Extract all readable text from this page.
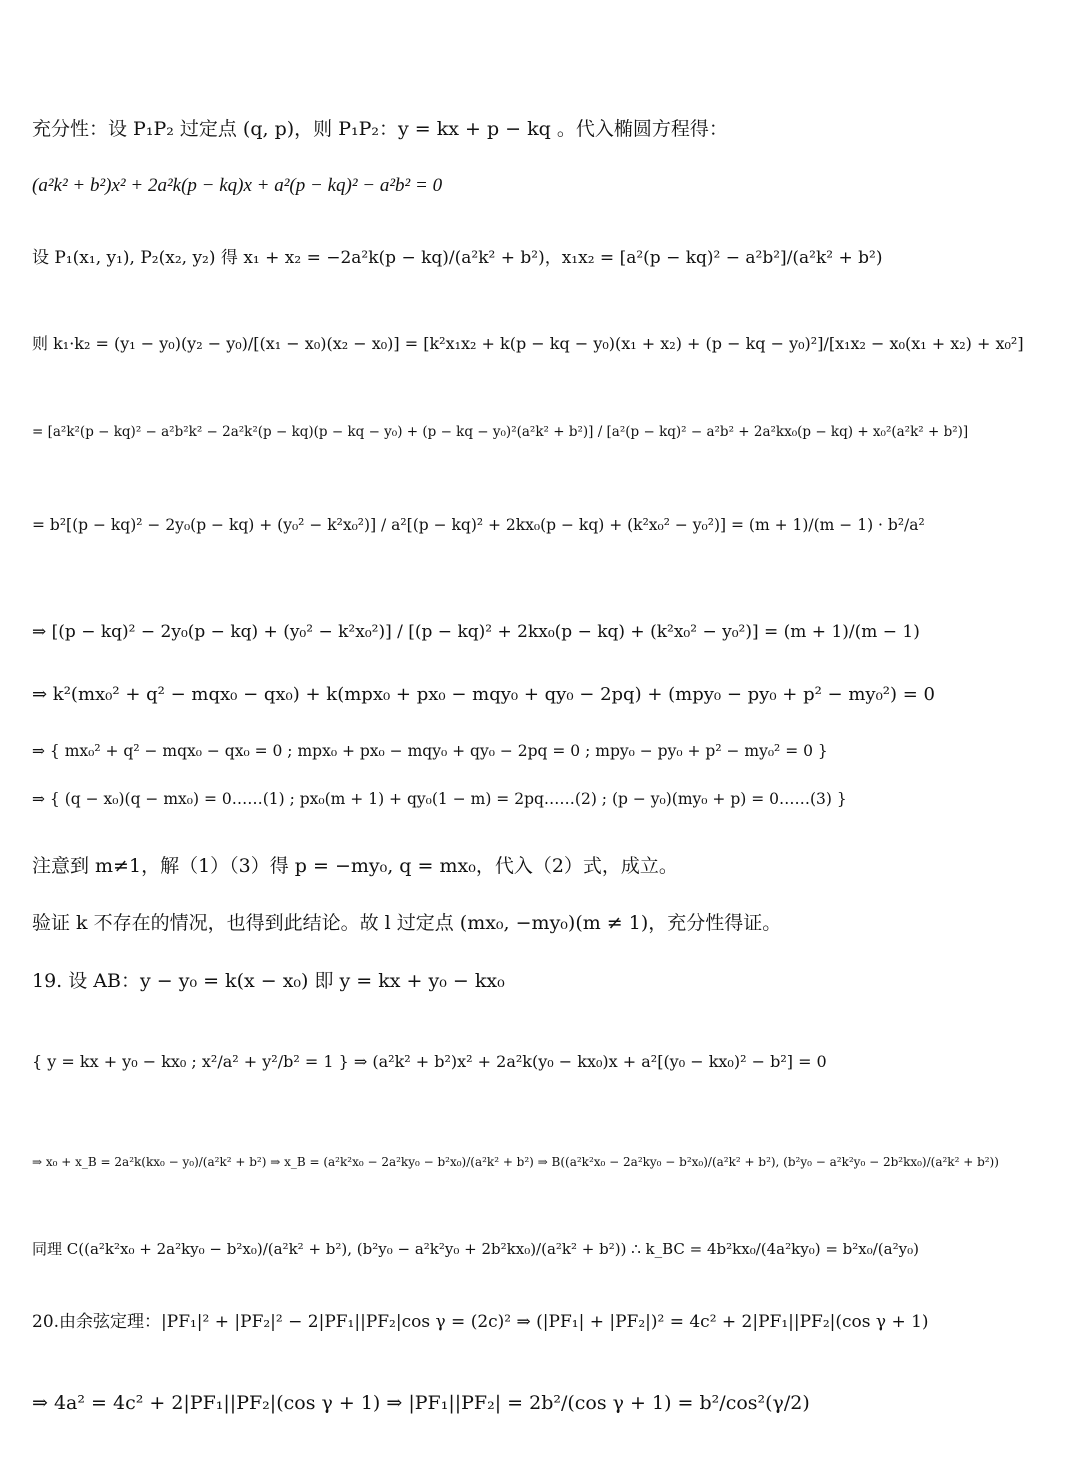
充分性：设 P₁P₂ 过定点 (q, p)，则 P₁P₂：y = kx + p − kq 。代入椭圆方程得：
(a²k² + b²)x² + 2a²k(p − kq)x + a²(p − kq)² − a²b² = 0
设 P₁(x₁, y₁), P₂(x₂, y₂) 得 x₁ + x₂ = −2a²k(p − kq)/(a²k² + b²)，x₁x₂ = [a²(p − kq)² − a²b²]/(a²k² + b²)
则 k₁·k₂ = (y₁ − y₀)(y₂ − y₀)/[(x₁ − x₀)(x₂ − x₀)] = [k²x₁x₂ + k(p − kq − y₀)(x₁ + x₂) + (p − kq − y₀)²]/[x₁x₂ − x₀(x₁ + x₂) + x₀²]
= [a²k²(p − kq)² − a²b²k² − 2a²k²(p − kq)(p − kq − y₀) + (p − kq − y₀)²(a²k² + b²)] / [a²(p − kq)² − a²b² + 2a²kx₀(p − kq) + x₀²(a²k² + b²)]
= b²[(p − kq)² − 2y₀(p − kq) + (y₀² − k²x₀²)] / a²[(p − kq)² + 2kx₀(p − kq) + (k²x₀² − y₀²)] = (m + 1)/(m − 1) · b²/a²
⇒ [(p − kq)² − 2y₀(p − kq) + (y₀² − k²x₀²)] / [(p − kq)² + 2kx₀(p − kq) + (k²x₀² − y₀²)] = (m + 1)/(m − 1)
⇒ k²(mx₀² + q² − mqx₀ − qx₀) + k(mpx₀ + px₀ − mqy₀ + qy₀ − 2pq) + (mpy₀ − py₀ + p² − my₀²) = 0
⇒ { mx₀² + q² − mqx₀ − qx₀ = 0 ; mpx₀ + px₀ − mqy₀ + qy₀ − 2pq = 0 ; mpy₀ − py₀ + p² − my₀² = 0 }
⇒ { (q − x₀)(q − mx₀) = 0……(1) ; px₀(m + 1) + qy₀(1 − m) = 2pq……(2) ; (p − y₀)(my₀ + p) = 0……(3) }
注意到 m≠1，解（1）（3）得 p = −my₀, q = mx₀，代入（2）式，成立。
验证 k 不存在的情况，也得到此结论。故 l 过定点 (mx₀, −my₀)(m ≠ 1)，充分性得证。
19. 设 AB：y − y₀ = k(x − x₀) 即 y = kx + y₀ − kx₀
{ y = kx + y₀ − kx₀ ; x²/a² + y²/b² = 1 } ⇒ (a²k² + b²)x² + 2a²k(y₀ − kx₀)x + a²[(y₀ − kx₀)² − b²] = 0
⇒ x₀ + x_B = 2a²k(kx₀ − y₀)/(a²k² + b²) ⇒ x_B = (a²k²x₀ − 2a²ky₀ − b²x₀)/(a²k² + b²) ⇒ B((a²k²x₀ − 2a²ky₀ − b²x₀)/(a²k² + b²), (b²y₀ − a²k²y₀ − 2b²kx₀)/(a²k² + b²))
同理 C((a²k²x₀ + 2a²ky₀ − b²x₀)/(a²k² + b²), (b²y₀ − a²k²y₀ + 2b²kx₀)/(a²k² + b²)) ∴ k_BC = 4b²kx₀/(4a²ky₀) = b²x₀/(a²y₀)
20.由余弦定理：|PF₁|² + |PF₂|² − 2|PF₁||PF₂|cos γ = (2c)² ⇒ (|PF₁| + |PF₂|)² = 4c² + 2|PF₁||PF₂|(cos γ + 1)
⇒ 4a² = 4c² + 2|PF₁||PF₂|(cos γ + 1) ⇒ |PF₁||PF₂| = 2b²/(cos γ + 1) = b²/cos²(γ/2)
